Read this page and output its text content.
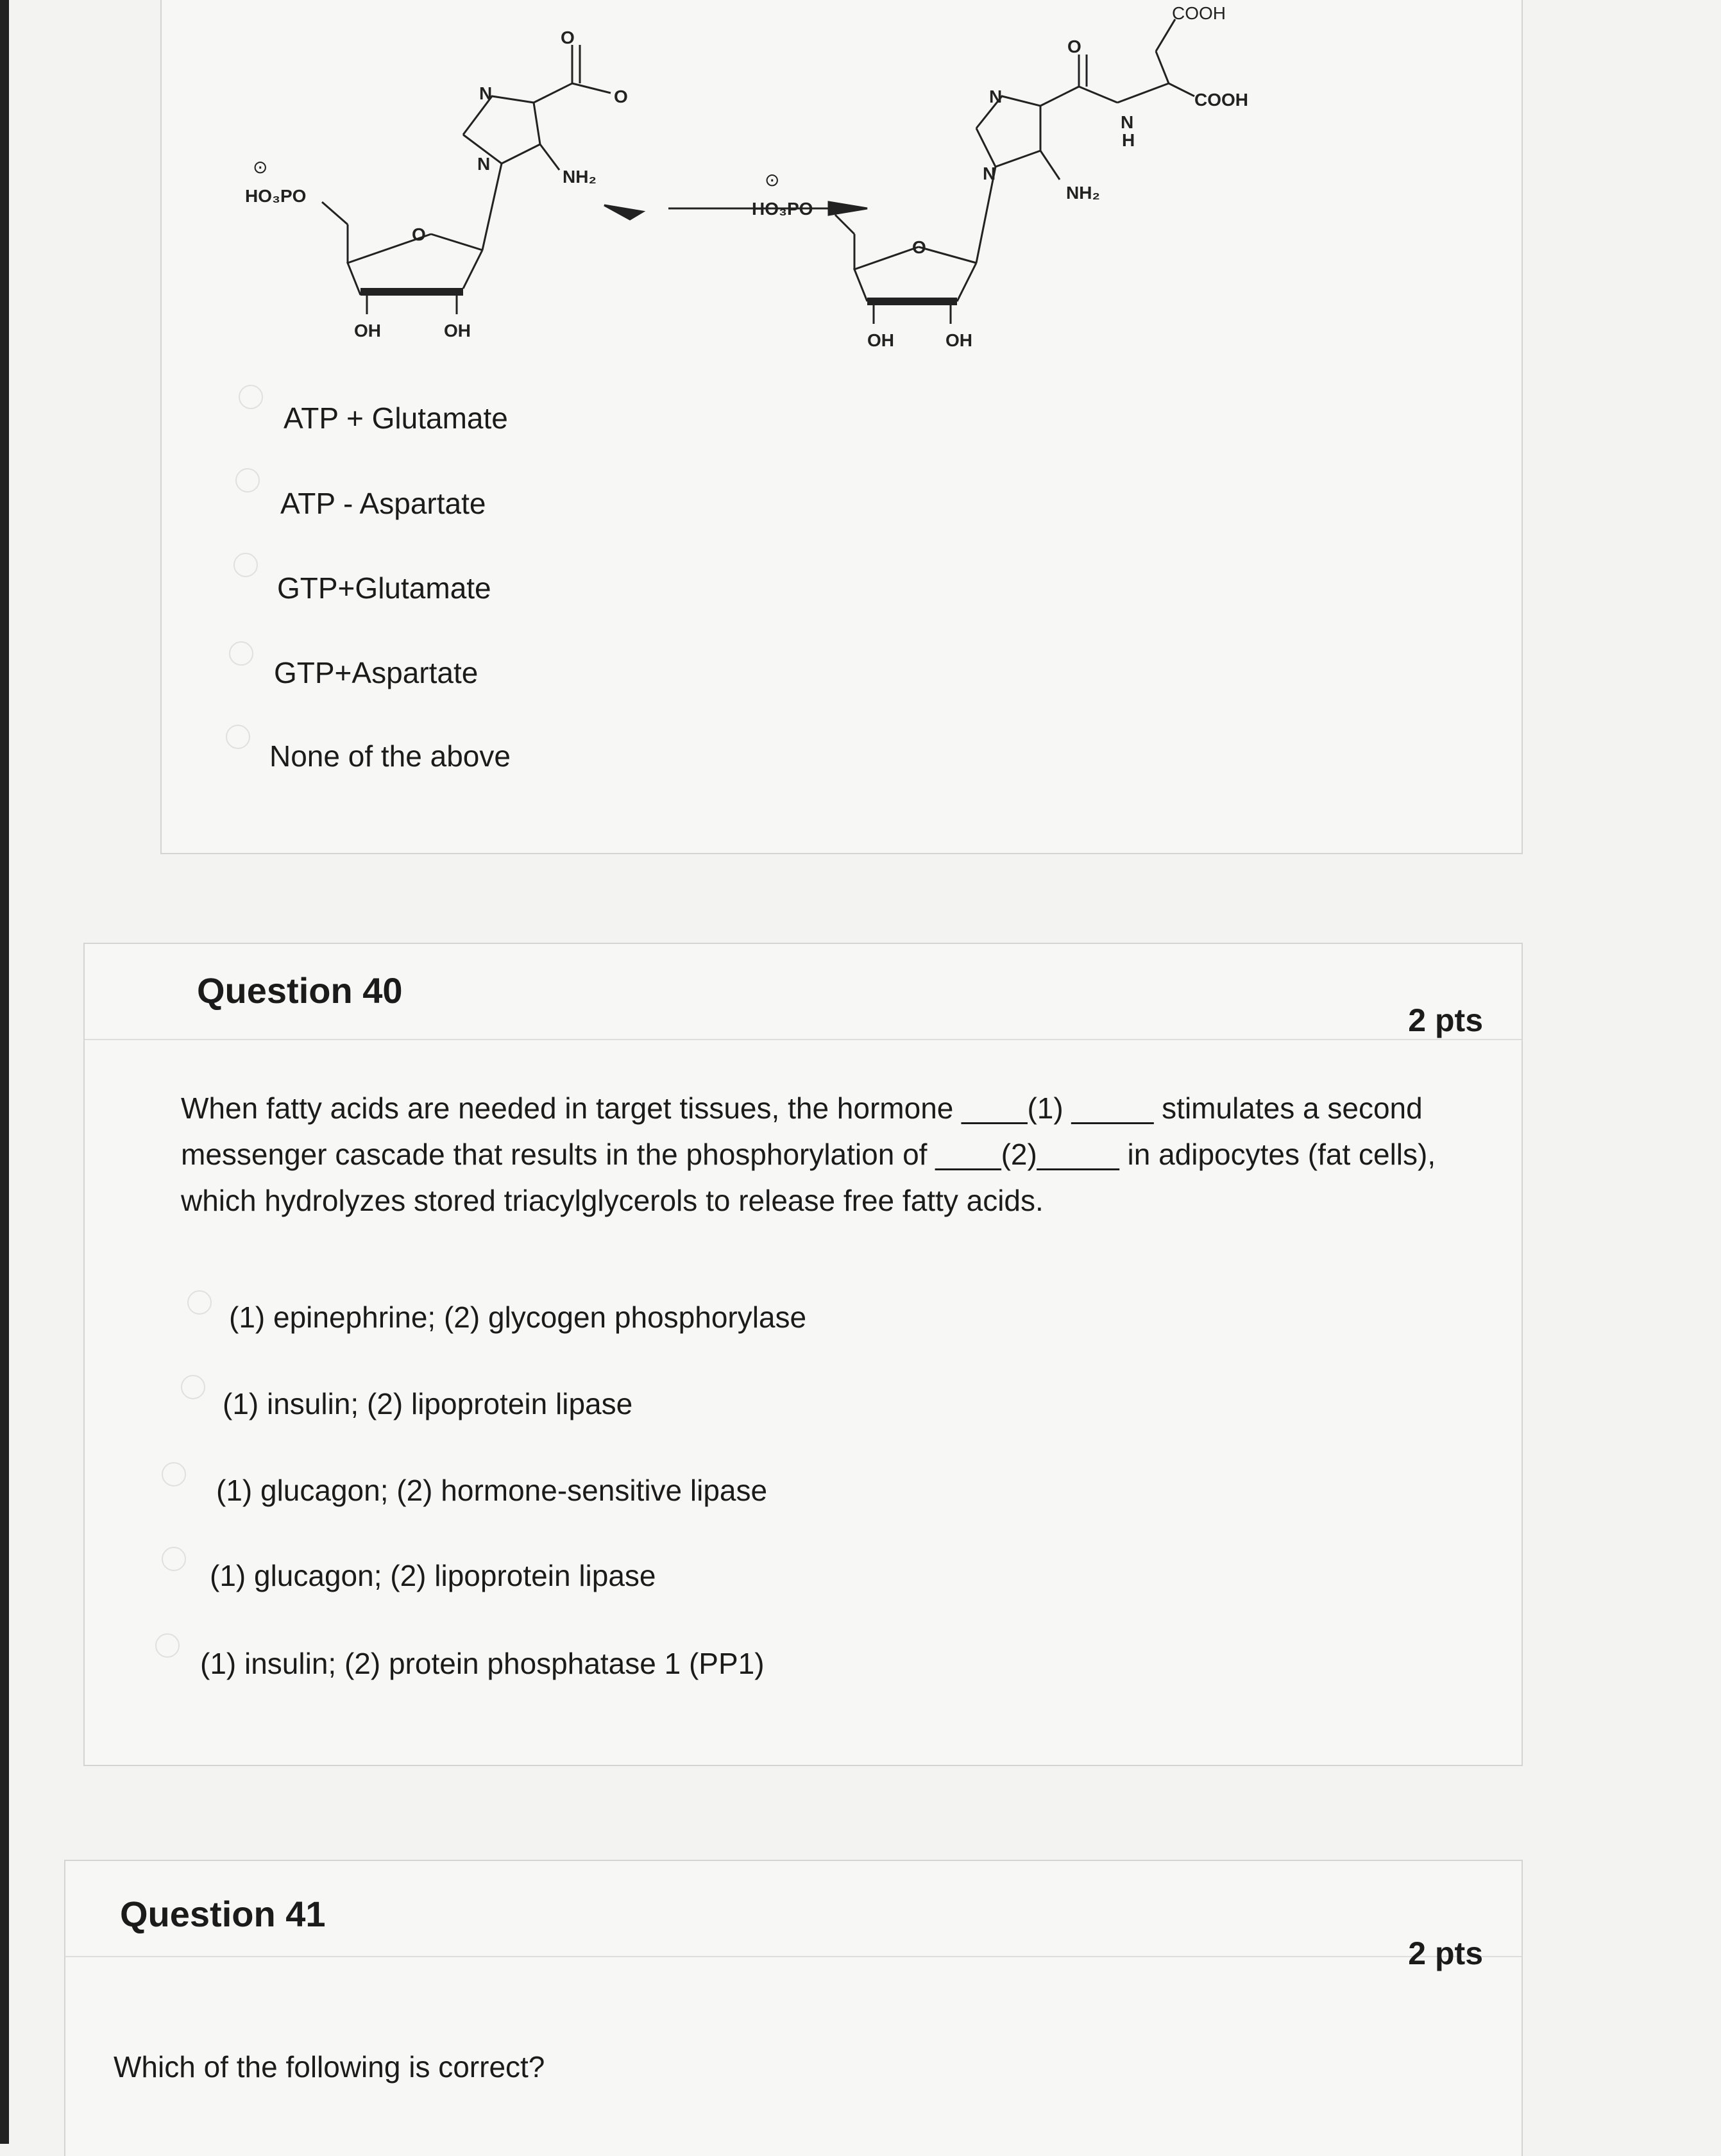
O
O
N
N
NH₂
HO₃PO
⊙
O
OH	OH
O
N
N
N
H
NH₂
COOH
COOH
HO₃PO
⊙
O
OH	OH
ATP + Glutamate
ATP - Aspartate
GTP+Glutamate
GTP+Aspartate
None of the above
Question 40
2 pts
When fatty acids are needed in target tissues, the hormone ____(1) _____ stimulates a second messenger cascade that results in the phosphorylation of ____(2)_____ in adipocytes (fat cells), which hydrolyzes stored triacylglycerols to release free fatty acids.
(1) epinephrine; (2) glycogen phosphorylase
(1) insulin; (2) lipoprotein lipase
(1) glucagon; (2) hormone-sensitive lipase
(1) glucagon; (2) lipoprotein lipase
(1) insulin; (2) protein phosphatase 1 (PP1)
Question 41
2 pts
Which of the following is correct?
